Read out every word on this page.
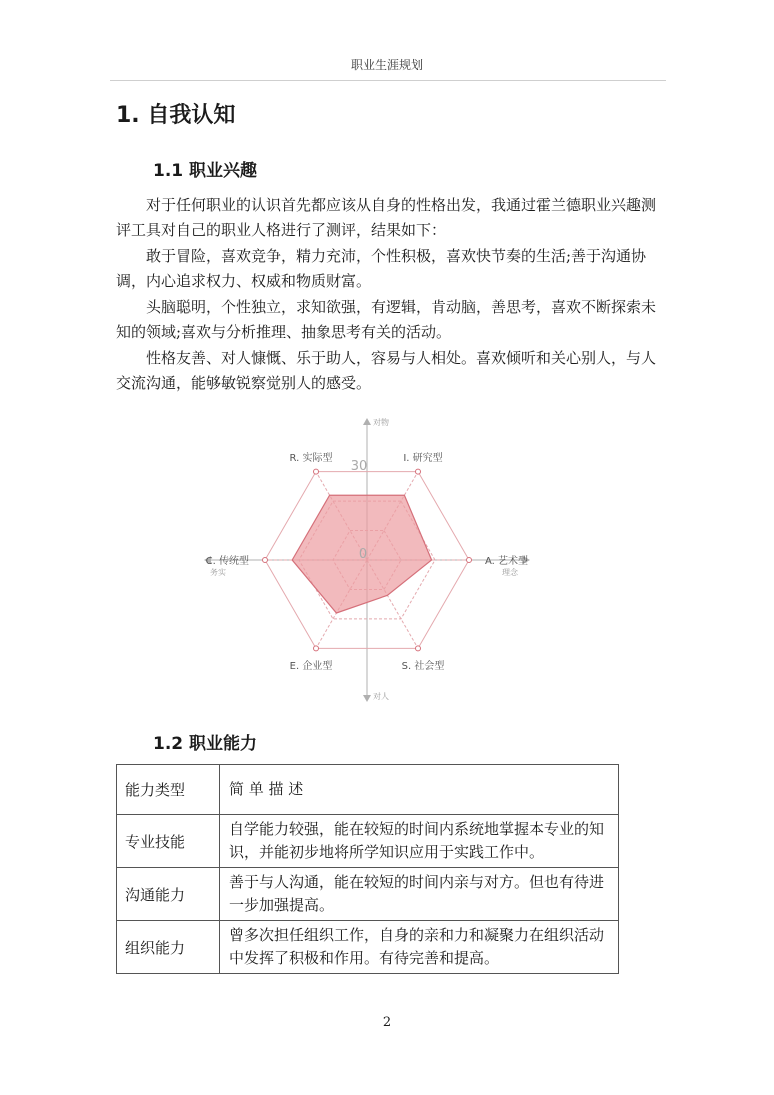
职业生涯规划
1. 自我认知
1.1 职业兴趣

对于任何职业的认识首先都应该从自身的性格出发，我通过霍兰德职业兴趣测评工具对自己的职业人格进行了测评，结果如下：

敢于冒险，喜欢竞争，精力充沛，个性积极，喜欢快节奏的生活;善于沟通协调，内心追求权力、权威和物质财富。

头脑聪明，个性独立，求知欲强，有逻辑，肯动脑，善思考，喜欢不断探索未知的领域;喜欢与分析推理、抽象思考有关的活动。

性格友善、对人慷慨、乐于助人，容易与人相处。喜欢倾听和关心别人，与人交流沟通，能够敏锐察觉别人的感受。

30
0
I. 研究型
A. 艺术型
S. 社会型
E. 企业型
C. 传统型
R. 实际型
对物
对人
务实	理念
1.2 职业能力
能力类型	简 单 描 述
专业技能	自学能力较强，能在较短的时间内系统地掌握本专业的知识，并能初步地将所学知识应用于实践工作中。
沟通能力	善于与人沟通，能在较短的时间内亲与对方。但也有待进一步加强提高。
组织能力	曾多次担任组织工作，自身的亲和力和凝聚力在组织活动中发挥了积极和作用。有待完善和提高。
2
